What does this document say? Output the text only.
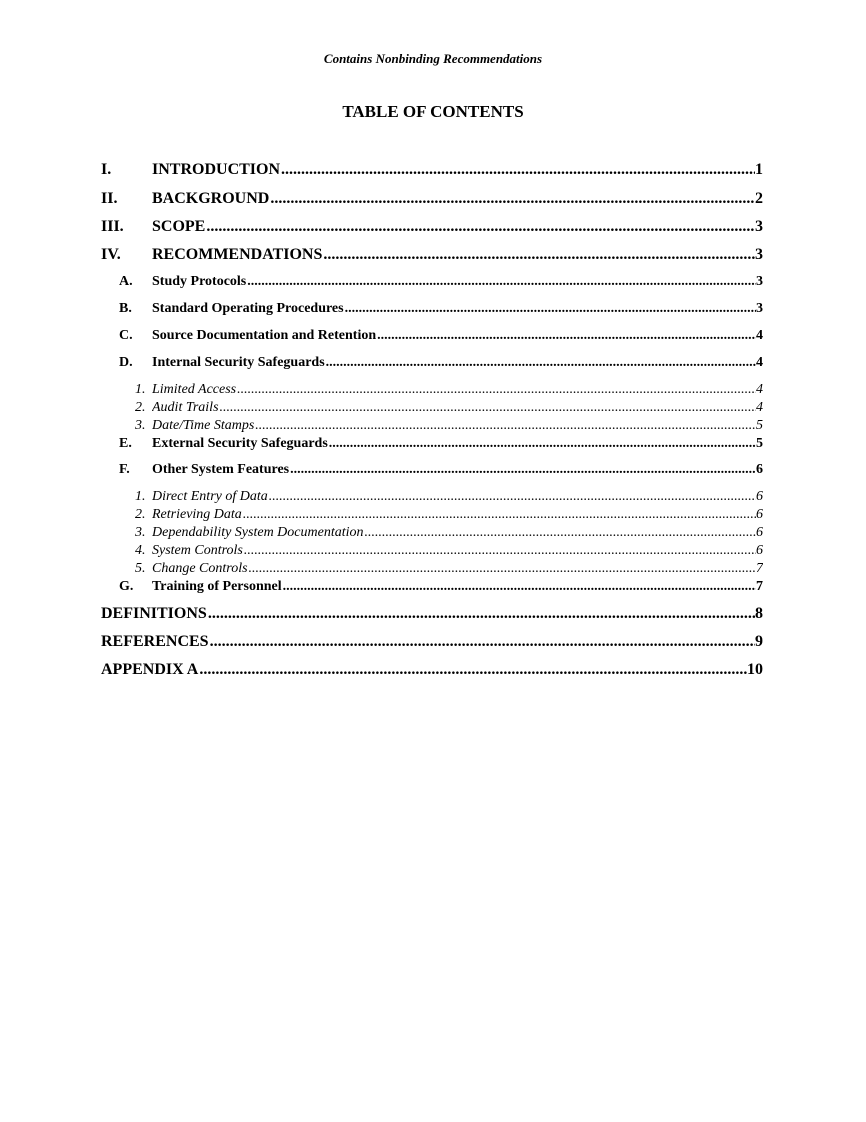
Contains Nonbinding Recommendations
TABLE OF CONTENTS
I.	INTRODUCTION .....	1
II. BACKGROUND .....	2
III. SCOPE .....	3
IV. RECOMMENDATIONS .....	3
A. Study Protocols .....	3
B. Standard Operating Procedures .....	3
C. Source Documentation and Retention .....	4
D. Internal Security Safeguards .....	4
1. Limited Access .....	4
2. Audit Trails .....	4
3. Date/Time Stamps .....	5
E. External Security Safeguards .....	5
F. Other System Features .....	6
1. Direct Entry of Data .....	6
2. Retrieving Data .....	6
3. Dependability System Documentation .....	6
4. System Controls .....	6
5. Change Controls .....	7
G. Training of Personnel .....	7
DEFINITIONS .....	8
REFERENCES .....	9
APPENDIX A .....	10
